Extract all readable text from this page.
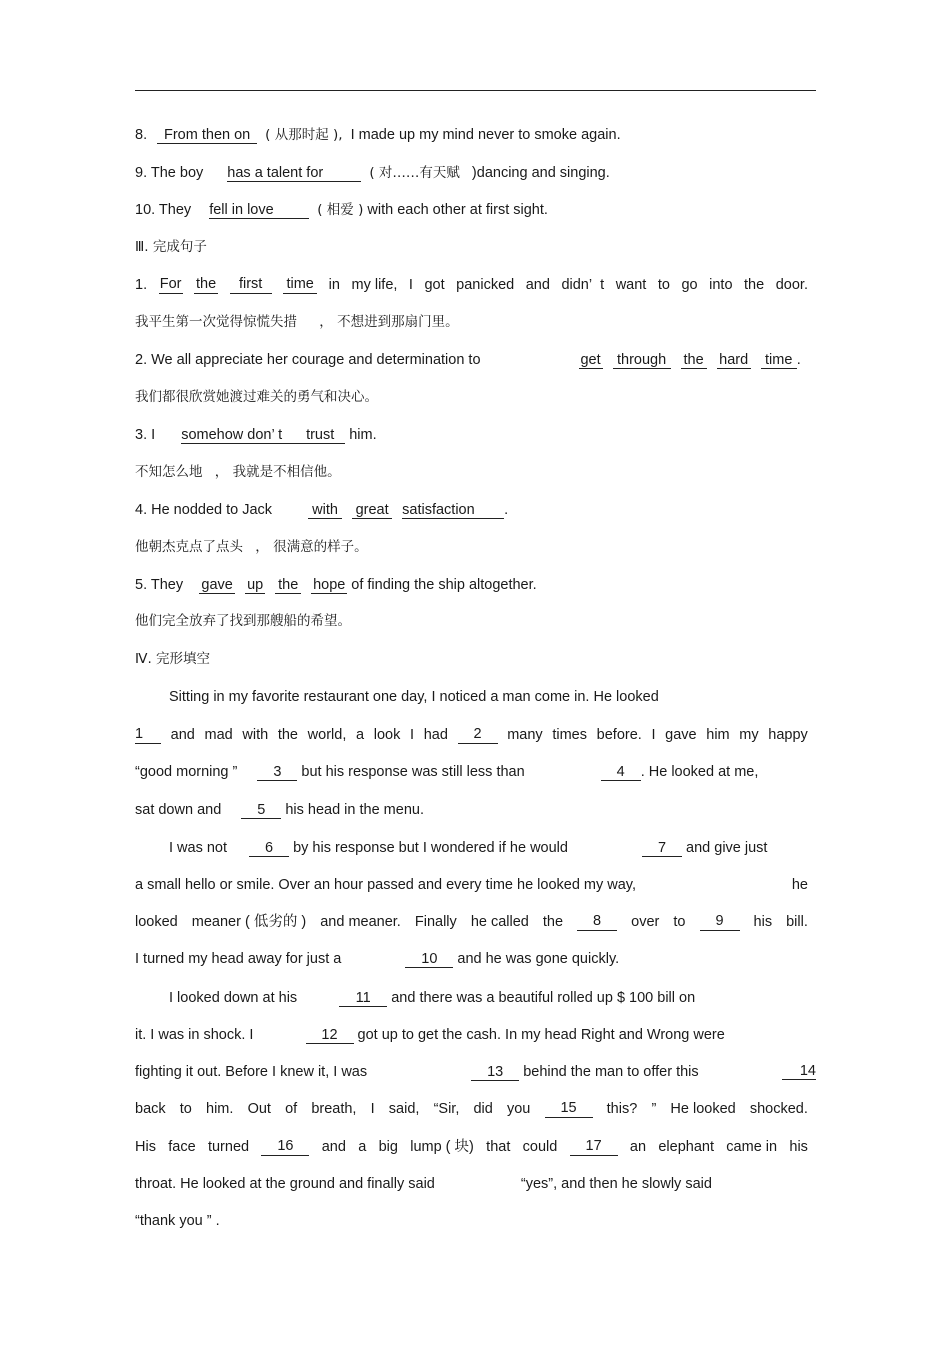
8. From then on ( 从那时起 ), I made up my mind never to smoke again.
9. The boy has a talent for	( 对……有天赋 )dancing and singing.
10. They fell in love	( 相爱 ) with each other at first sight.
Ⅲ. 完成句子
1. For the	first	time in my life, I got panicked and didn’ t want to go into the door.
我平生第一次觉得惊慌失措 ， 不想进到那扇门里。
2. We all appreciate her courage and determination to	get through the hard time .
我们都很欣赏她渡过难关的勇气和决心。
3. I somehow don’ t trust him.
不知怎么地 ， 我就是不相信他。
4. He nodded to Jack	with great satisfaction .
他朝杰克点了点头 ， 很满意的样子。
5. They gave up the hope of finding the ship altogether.
他们完全放弃了找到那艘船的希望。
Ⅳ. 完形填空
Sitting in my favorite restaurant one day, I noticed a man come in. He looked
1	and mad with the world, a look I had	2	many times before. I gave him my happy
“good morning ” 3 but his response was still less than	4 . He looked at me,
sat down and 5 his head in the menu.
I was not	6 by his response but I wondered if he would	7 and give just
a small hello or smile. Over an hour passed and every time he looked my way,	he
looked meaner ( 低劣的 ) and meaner. Finally he called the	8	over to	9	his bill.
I turned my head away for just a	10 and he was gone quickly.
I looked down at his	11 and there was a beautiful rolled up $ 100 bill on
it. I was in shock. I	12 got up to get the cash. In my head Right and Wrong were
fighting it out. Before I knew it, I was	13 behind the man to offer this	14
back to him. Out of breath, I said, “Sir, did you	15	this? ” He looked shocked.
His face turned	16	and a big lump ( 块) that could	17	an elephant came in his
throat. He looked at the ground and finally said	“yes”, and then he slowly said
“thank you ” .
